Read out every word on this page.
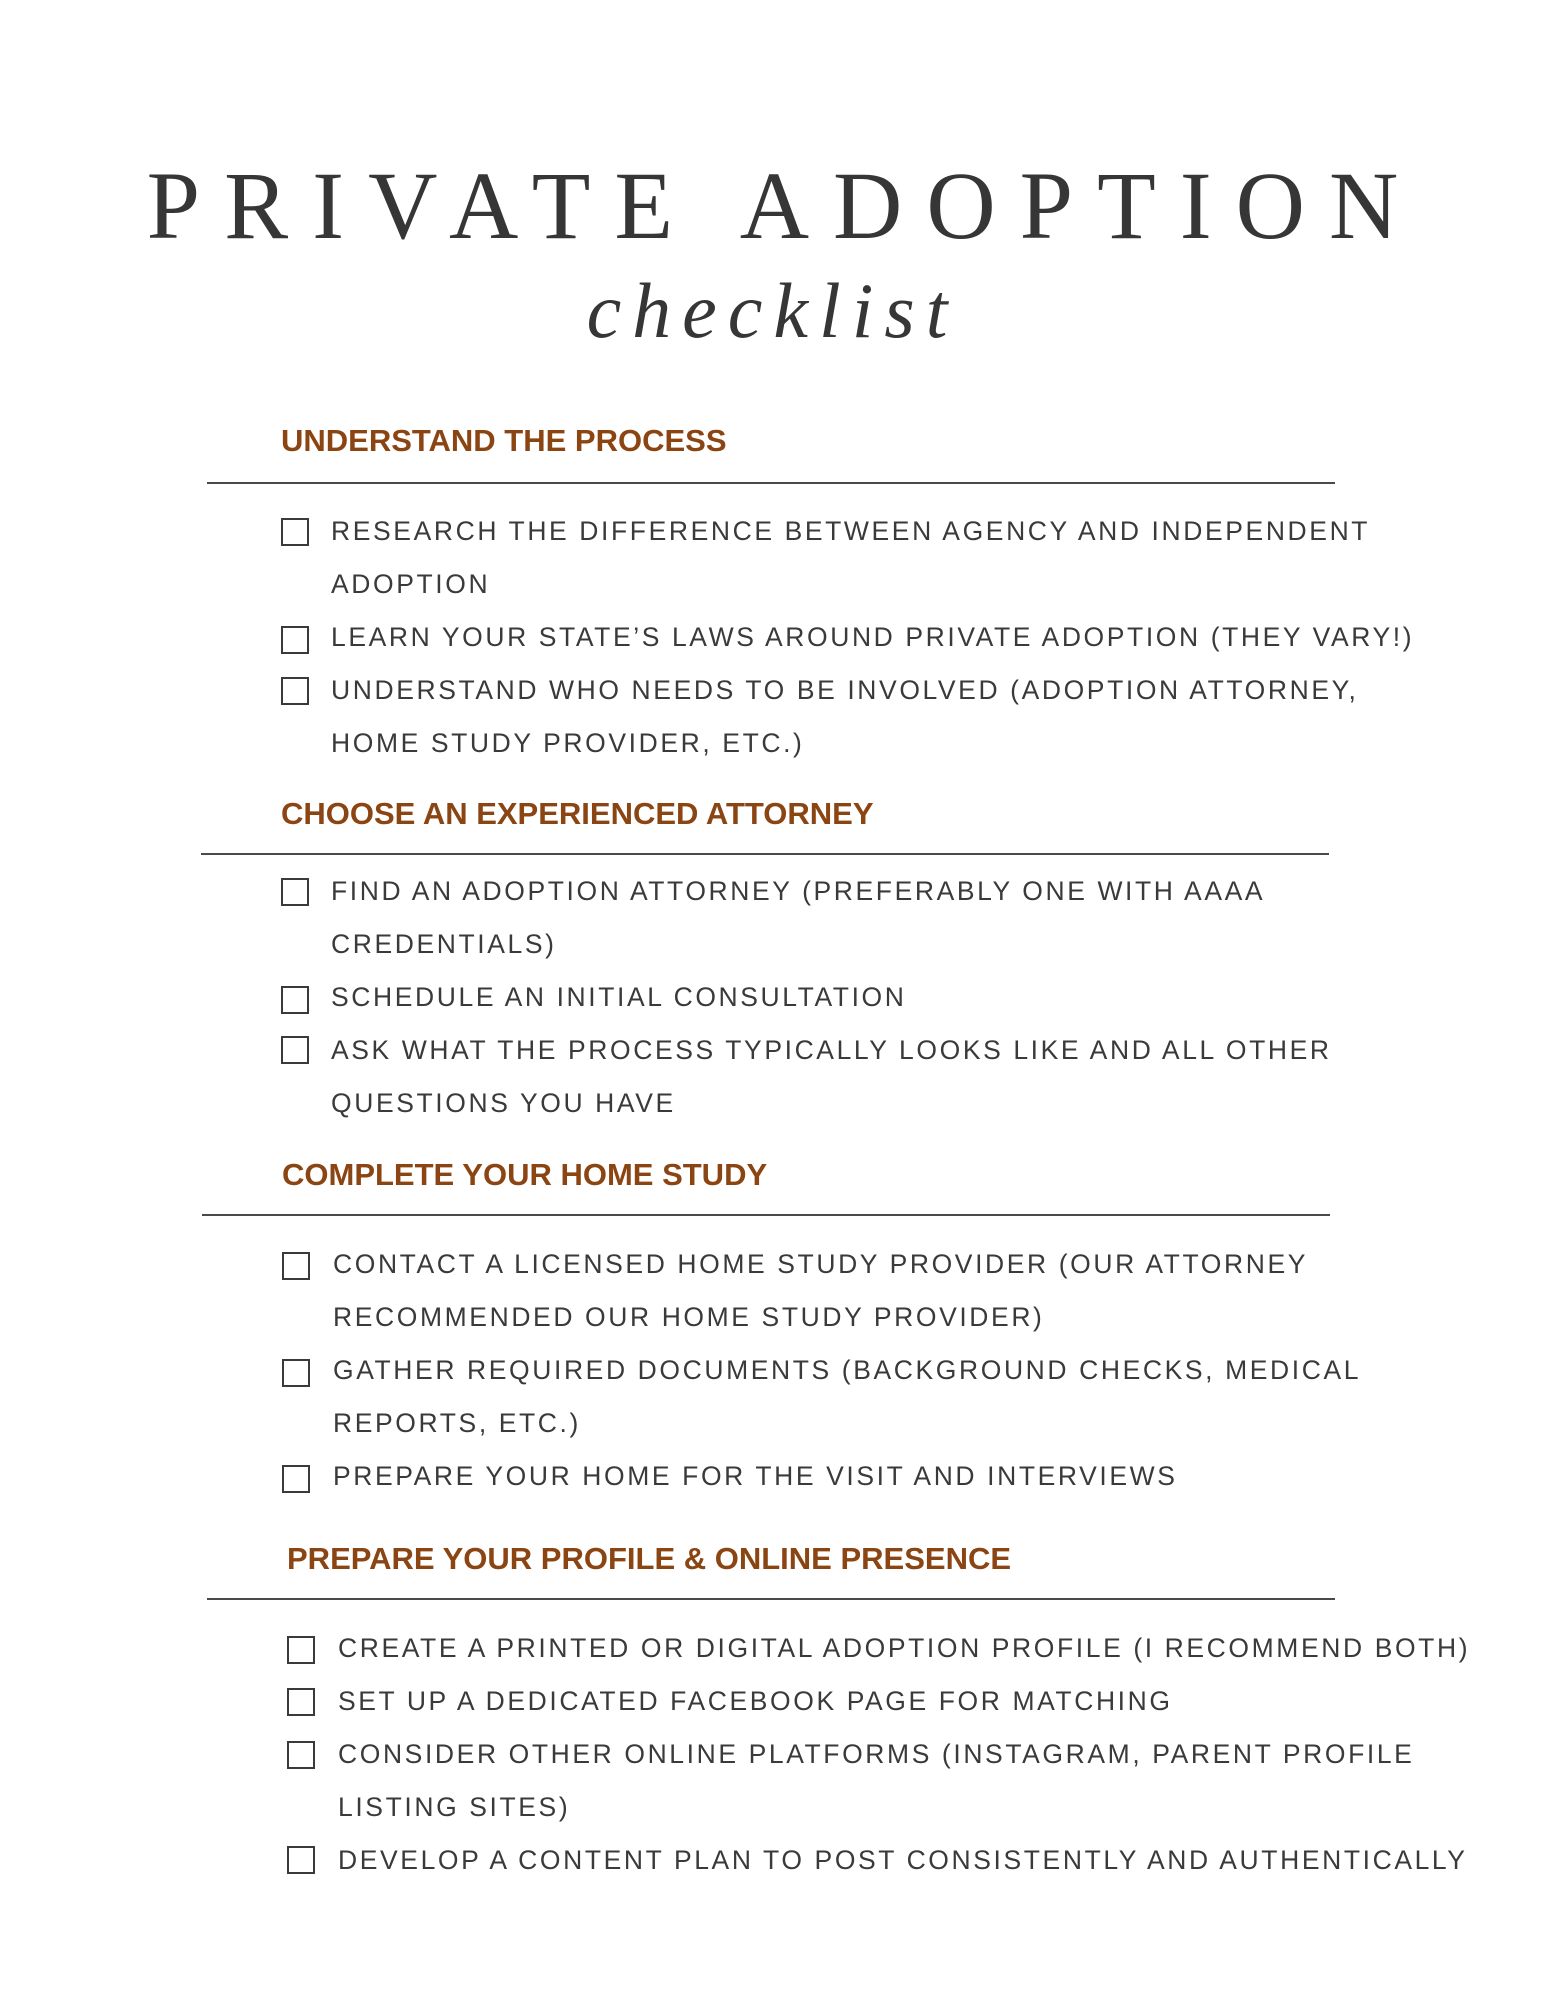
PRIVATE ADOPTION
checklist
UNDERSTAND THE PROCESS
RESEARCH THE DIFFERENCE BETWEEN AGENCY AND INDEPENDENT
ADOPTION
LEARN YOUR STATE’S LAWS AROUND PRIVATE ADOPTION (THEY VARY!)
UNDERSTAND WHO NEEDS TO BE INVOLVED (ADOPTION ATTORNEY,
HOME STUDY PROVIDER, ETC.)
CHOOSE AN EXPERIENCED ATTORNEY
FIND AN ADOPTION ATTORNEY (PREFERABLY ONE WITH AAAA
CREDENTIALS)
SCHEDULE AN INITIAL CONSULTATION
ASK WHAT THE PROCESS TYPICALLY LOOKS LIKE AND ALL OTHER
QUESTIONS YOU HAVE
COMPLETE YOUR HOME STUDY
CONTACT A LICENSED HOME STUDY PROVIDER (OUR ATTORNEY
RECOMMENDED OUR HOME STUDY PROVIDER)
GATHER REQUIRED DOCUMENTS (BACKGROUND CHECKS, MEDICAL
REPORTS, ETC.)
PREPARE YOUR HOME FOR THE VISIT AND INTERVIEWS
PREPARE YOUR PROFILE & ONLINE PRESENCE
CREATE A PRINTED OR DIGITAL ADOPTION PROFILE (I RECOMMEND BOTH)
SET UP A DEDICATED FACEBOOK PAGE FOR MATCHING
CONSIDER OTHER ONLINE PLATFORMS (INSTAGRAM, PARENT PROFILE
LISTING SITES)
DEVELOP A CONTENT PLAN TO POST CONSISTENTLY AND AUTHENTICALLY
